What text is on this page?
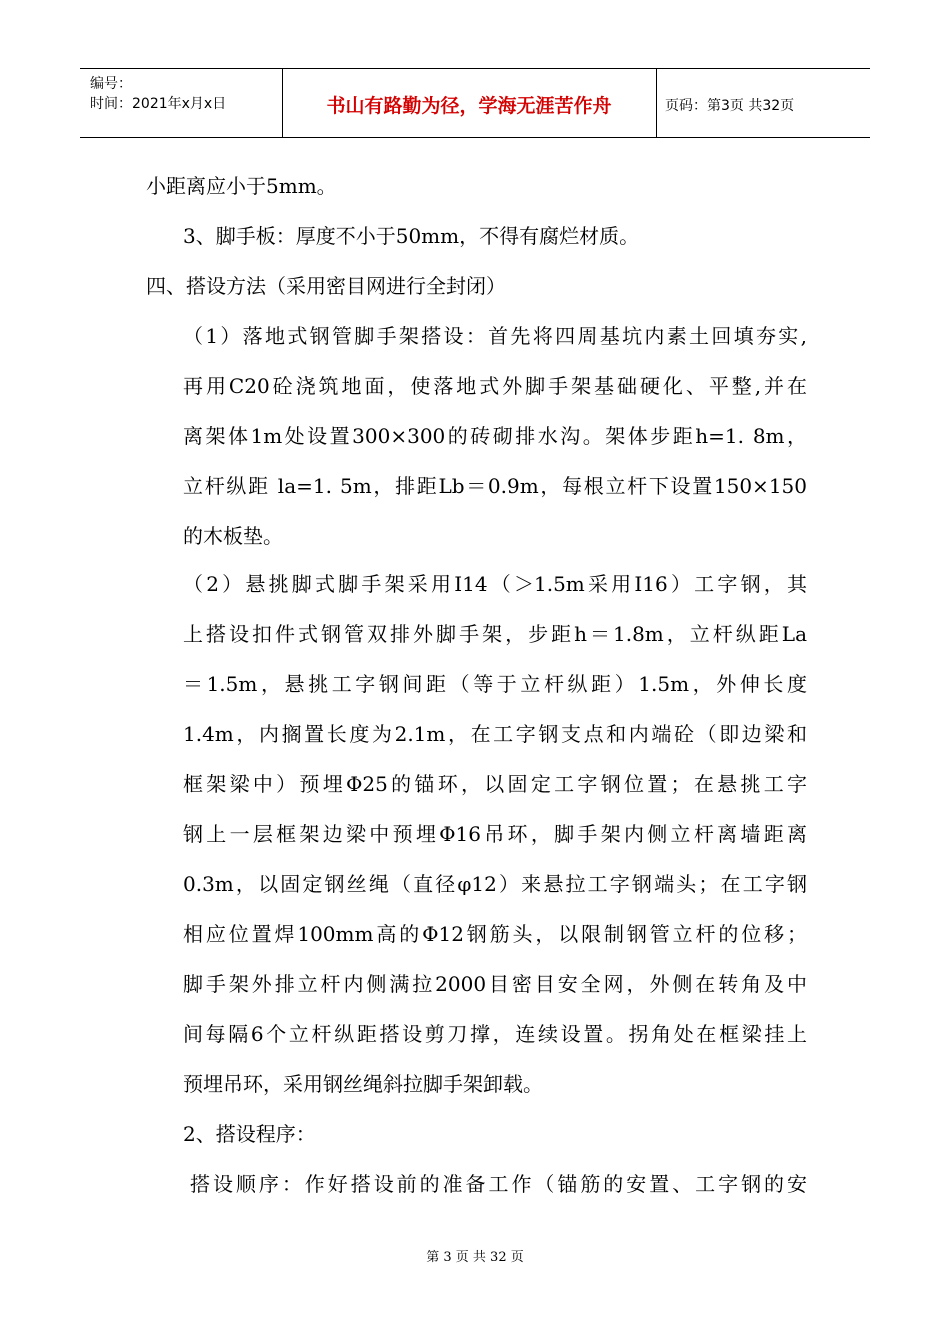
编号：
时间：2021年x月x日	书山有路勤为径，学海无涯苦作舟	页码：第3页 共32页
小距离应小于5mm。
3、脚手板：厚度不小于50mm，不得有腐烂材质。
四、搭设方法（采用密目网进行全封闭）
（1）落地式钢管脚手架搭设：首先将四周基坑内素土回填夯实,
再用C20砼浇筑地面，使落地式外脚手架基础硬化、平整,并在
离架体1m处设置300×300的砖砌排水沟。架体步距h=1. 8m，
立杆纵距 la=1. 5m，排距Lb＝0.9m，每根立杆下设置150×150
的木板垫。
（2）悬挑脚式脚手架采用I14（＞1.5m采用I16）工字钢，其
上搭设扣件式钢管双排外脚手架，步距h＝1.8m，立杆纵距La
＝1.5m，悬挑工字钢间距（等于立杆纵距）1.5m，外伸长度
1.4m，内搁置长度为2.1m，在工字钢支点和内端砼（即边梁和
框架梁中）预埋Φ25的锚环，以固定工字钢位置；在悬挑工字
钢上一层框架边梁中预埋Φ16吊环，脚手架内侧立杆离墙距离
0.3m，以固定钢丝绳（直径φ12）来悬拉工字钢端头；在工字钢
相应位置焊100mm高的Φ12钢筋头，以限制钢管立杆的位移；
脚手架外排立杆内侧满拉2000目密目安全网，外侧在转角及中
间每隔6个立杆纵距搭设剪刀撑，连续设置。拐角处在框梁挂上
预埋吊环，采用钢丝绳斜拉脚手架卸载。
2、搭设程序：
搭设顺序：作好搭设前的准备工作（锚筋的安置、工字钢的安
第 3 页 共 32 页
